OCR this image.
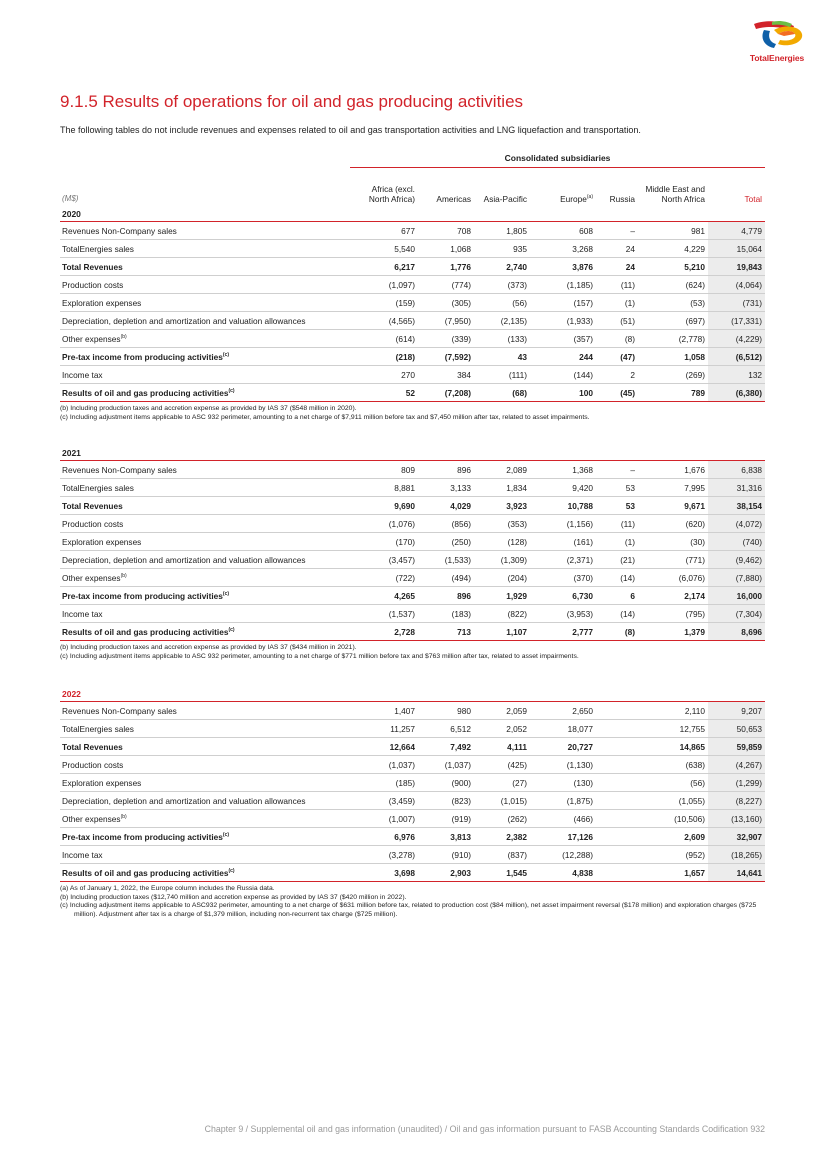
TotalEnergies
9.1.5 Results of operations for oil and gas producing activities
The following tables do not include revenues and expenses related to oil and gas transportation activities and LNG liquefaction and transportation.
	Consolidated subsidiaries						
(M$)	Africa (excl. North Africa)	Americas	Asia-Pacific	Europe$^{(a)}$	Russia	Middle East and North Africa	Total
2020							
Revenues Non-Company sales	677	708	1,805	608	–	981	4,779
TotalEnergies sales	5,540	1,068	935	3,268	24	4,229	15,064
Total Revenues	6,217	1,776	2,740	3,876	24	5,210	19,843
Production costs	(1,097)	(774)	(373)	(1,185)	(11)	(624)	(4,064)
Exploration expenses	(159)	(305)	(56)	(157)	(1)	(53)	(731)
Depreciation, depletion and amortization and valuation allowances	(4,565)	(7,950)	(2,135)	(1,933)	(51)	(697)	(17,331)
Other expenses$^{(b)}$	(614)	(339)	(133)	(357)	(8)	(2,778)	(4,229)
Pre-tax income from producing activities$^{(c)}$	(218)	(7,592)	43	244	(47)	1,058	(6,512)
Income tax	270	384	(111)	(144)	2	(269)	132
Results of oil and gas producing activities$^{(c)}$	52	(7,208)	(68)	100	(45)	789	(6,380)
(b) Including production taxes and accretion expense as provided by IAS 37 ($548 million in 2020).
(c) Including adjustment items applicable to ASC 932 perimeter, amounting to a net charge of $7,911 million before tax and $7,450 million after tax, related to asset impairments.
2021							
Revenues Non-Company sales	809	896	2,089	1,368	–	1,676	6,838
TotalEnergies sales	8,881	3,133	1,834	9,420	53	7,995	31,316
Total Revenues	9,690	4,029	3,923	10,788	53	9,671	38,154
Production costs	(1,076)	(856)	(353)	(1,156)	(11)	(620)	(4,072)
Exploration expenses	(170)	(250)	(128)	(161)	(1)	(30)	(740)
Depreciation, depletion and amortization and valuation allowances	(3,457)	(1,533)	(1,309)	(2,371)	(21)	(771)	(9,462)
Other expenses$^{(b)}$	(722)	(494)	(204)	(370)	(14)	(6,076)	(7,880)
Pre-tax income from producing activities$^{(c)}$	4,265	896	1,929	6,730	6	2,174	16,000
Income tax	(1,537)	(183)	(822)	(3,953)	(14)	(795)	(7,304)
Results of oil and gas producing activities$^{(c)}$	2,728	713	1,107	2,777	(8)	1,379	8,696
(b) Including production taxes and accretion expense as provided by IAS 37 ($434 million in 2021).
(c) Including adjustment items applicable to ASC 932 perimeter, amounting to a net charge of $771 million before tax and $763 million after tax, related to asset impairments.
2022							
Revenues Non-Company sales	1,407	980	2,059	2,650		2,110	9,207
TotalEnergies sales	11,257	6,512	2,052	18,077		12,755	50,653
Total Revenues	12,664	7,492	4,111	20,727		14,865	59,859
Production costs	(1,037)	(1,037)	(425)	(1,130)		(638)	(4,267)
Exploration expenses	(185)	(900)	(27)	(130)		(56)	(1,299)
Depreciation, depletion and amortization and valuation allowances	(3,459)	(823)	(1,015)	(1,875)		(1,055)	(8,227)
Other expenses$^{(b)}$	(1,007)	(919)	(262)	(466)		(10,506)	(13,160)
Pre-tax income from producing activities$^{(c)}$	6,976	3,813	2,382	17,126		2,609	32,907
Income tax	(3,278)	(910)	(837)	(12,288)		(952)	(18,265)
Results of oil and gas producing activities$^{(c)}$	3,698	2,903	1,545	4,838		1,657	14,641
(a) As of January 1, 2022, the Europe column includes the Russia data.
(b) Including production taxes ($12,740 million and accretion expense as provided by IAS 37 ($420 million in 2022).
(c) Including adjustment items applicable to ASC932 perimeter, amounting to a net charge of $631 million before tax, related to production cost ($84 million), net asset impairment reversal ($178 million) and exploration charges ($725 million). Adjustment after tax is a charge of $1,379 million, including non-recurrent tax charge ($725 million).
Chapter 9 / Supplemental oil and gas information (unaudited) / Oil and gas information pursuant to FASB Accounting Standards Codification 932
